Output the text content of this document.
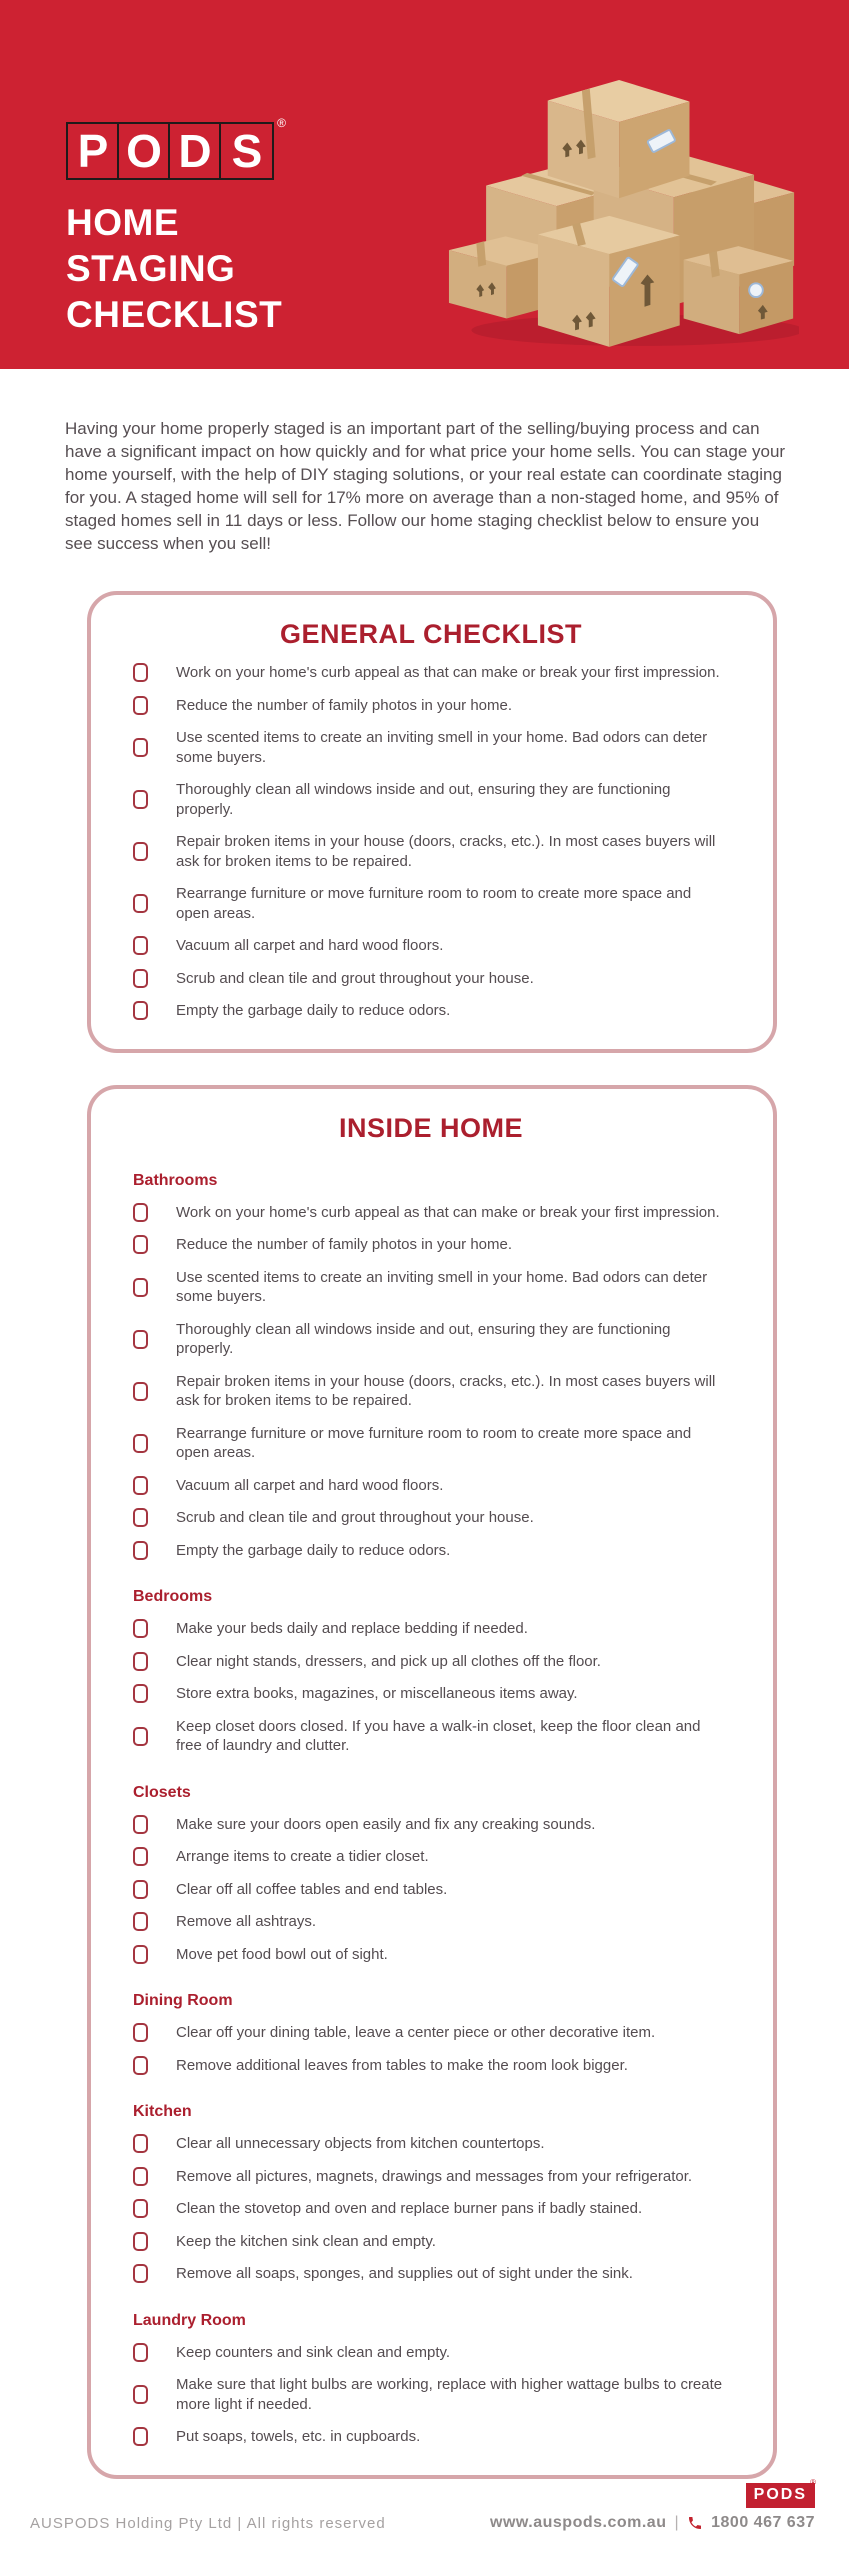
P O D S
®
HOME
STAGING
CHECKLIST

Having your home properly staged is an important part of the selling/buying process and can have a significant impact on how quickly and for what price your home sells. You can stage your home yourself, with the help of DIY staging solutions, or your real estate can coordinate staging for you. A staged home will sell for 17% more on average than a non-staged home, and 95% of staged homes sell in 11 days or less. Follow our home staging checklist below to ensure you see success when you sell!

GENERAL CHECKLIST
Work on your home's curb appeal as that can make or break your first impression.
Reduce the number of family photos in your home.
Use scented items to create an inviting smell in your home. Bad odors can deter some buyers.
Thoroughly clean all windows inside and out, ensuring they are functioning properly.
Repair broken items in your house (doors, cracks, etc.). In most cases buyers will ask for broken items to be repaired.
Rearrange furniture or move furniture room to room to create more space and open areas.
Vacuum all carpet and hard wood floors.
Scrub and clean tile and grout throughout your house.
Empty the garbage daily to reduce odors.
INSIDE HOME
Bathrooms
Work on your home's curb appeal as that can make or break your first impression.
Reduce the number of family photos in your home.
Use scented items to create an inviting smell in your home. Bad odors can deter some buyers.
Thoroughly clean all windows inside and out, ensuring they are functioning properly.
Repair broken items in your house (doors, cracks, etc.). In most cases buyers will ask for broken items to be repaired.
Rearrange furniture or move furniture room to room to create more space and open areas.
Vacuum all carpet and hard wood floors.
Scrub and clean tile and grout throughout your house.
Empty the garbage daily to reduce odors.
Bedrooms
Make your beds daily and replace bedding if needed.
Clear night stands, dressers, and pick up all clothes off the floor.
Store extra books, magazines, or miscellaneous items away.
Keep closet doors closed. If you have a walk-in closet, keep the floor clean and free of laundry and clutter.
Closets
Make sure your doors open easily and fix any creaking sounds.
Arrange items to create a tidier closet.
Clear off all coffee tables and end tables.
Remove all ashtrays.
Move pet food bowl out of sight.
Dining Room
Clear off your dining table, leave a center piece or other decorative item.
Remove additional leaves from tables to make the room look bigger.
Kitchen
Clear all unnecessary objects from kitchen countertops.
Remove all pictures, magnets, drawings and messages from your refrigerator.
Clean the stovetop and oven and replace burner pans if badly stained.
Keep the kitchen sink clean and empty.
Remove all soaps, sponges, and supplies out of sight under the sink.
Laundry Room
Keep counters and sink clean and empty.
Make sure that light bulbs are working, replace with higher wattage bulbs to create more light if needed.
Put soaps, towels, etc. in cupboards.
AUSPODS Holding Pty Ltd | All rights reserved
PODS
®
www.auspods.com.au | 1800 467 637
